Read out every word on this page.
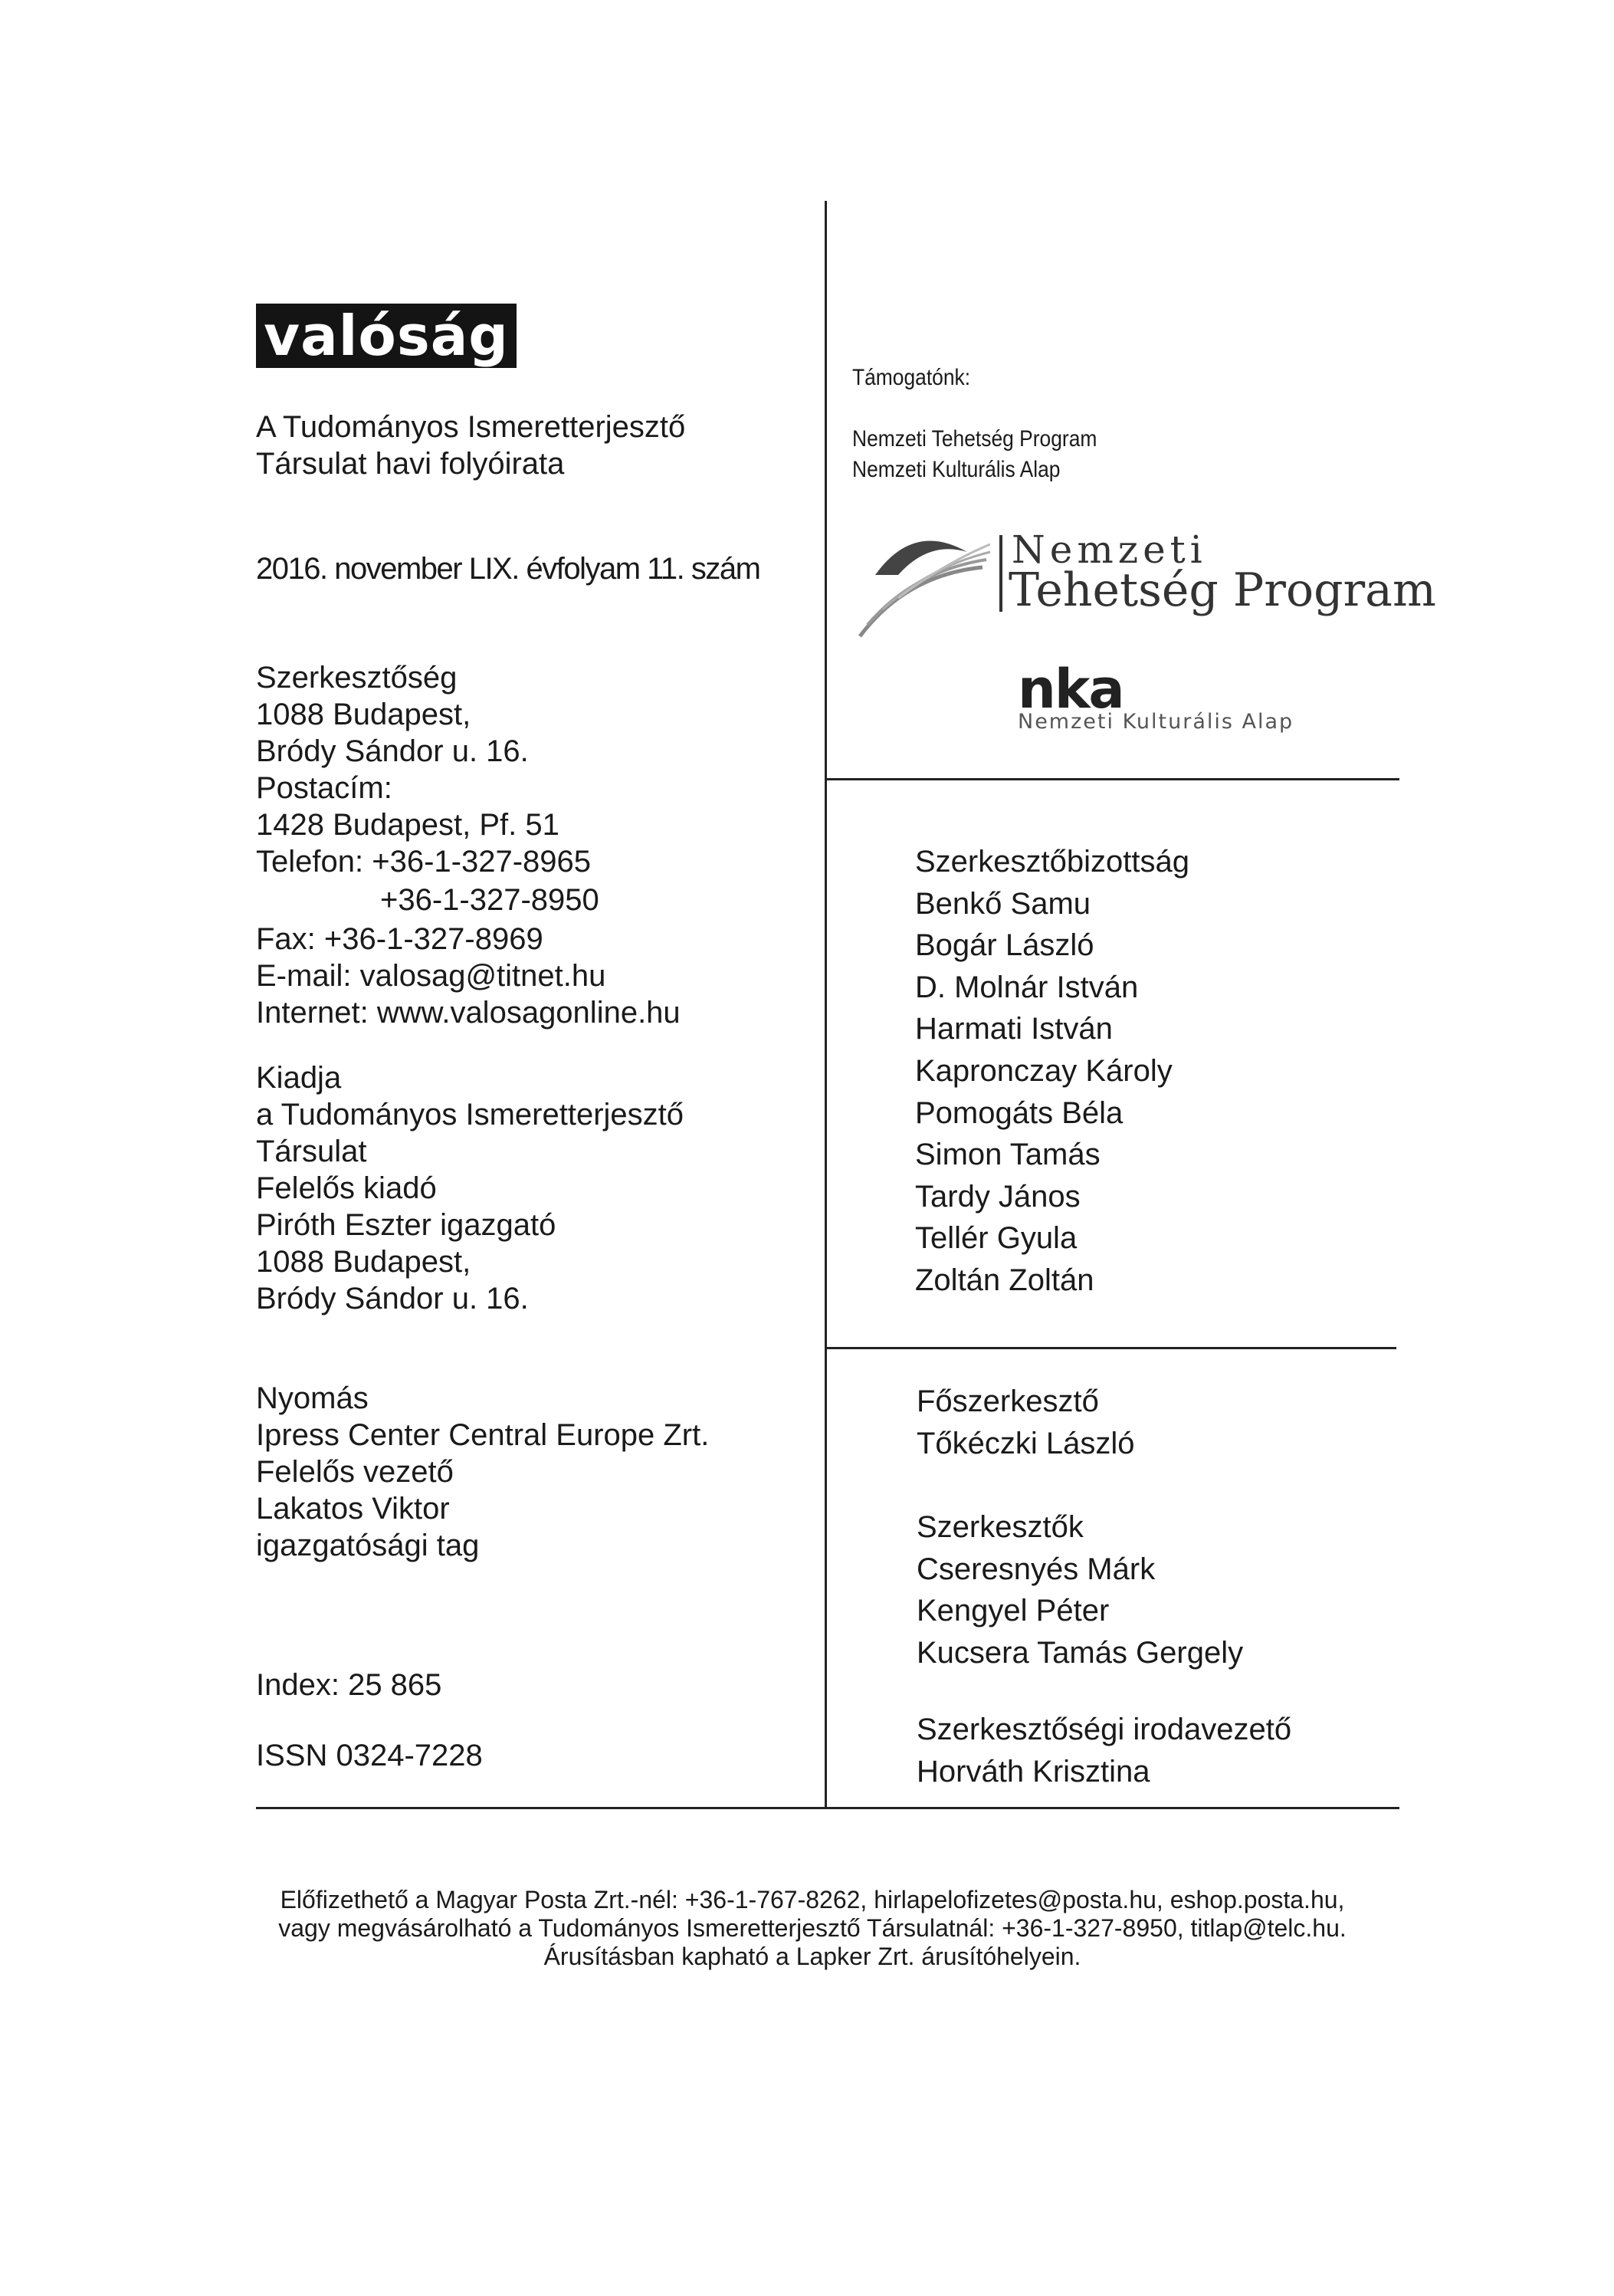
valóság
A Tudományos Ismeretterjesztő
Társulat havi folyóirata
2016. november LIX. évfolyam 11. szám
Szerkesztőség
1088 Budapest,
Bródy Sándor u. 16.
Postacím:
1428 Budapest, Pf. 51
Telefon: +36-1-327-8965
+36-1-327-8950
Fax: +36-1-327-8969
E-mail: valosag@titnet.hu
Internet: www.valosagonline.hu
Kiadja
a Tudományos Ismeretterjesztő
Társulat
Felelős kiadó
Piróth Eszter igazgató
1088 Budapest,
Bródy Sándor u. 16.
Nyomás
Ipress Center Central Europe Zrt.
Felelős vezető
Lakatos Viktor
igazgatósági tag
Index: 25 865
ISSN 0324-7228
Támogatónk:
Nemzeti Tehetség Program
Nemzeti Kulturális Alap
Nemzeti
Tehetség Program
nka
Nemzeti Kulturális Alap
Szerkesztőbizottság
Benkő Samu
Bogár László
D. Molnár István
Harmati István
Kapronczay Károly
Pomogáts Béla
Simon Tamás
Tardy János
Tellér Gyula
Zoltán Zoltán
Főszerkesztő
Tőkéczki László
Szerkesztők
Cseresnyés Márk
Kengyel Péter
Kucsera Tamás Gergely
Szerkesztőségi irodavezető
Horváth Krisztina
Előfizethető a Magyar Posta Zrt.-nél: +36-1-767-8262, hirlapelofizetes@posta.hu, eshop.posta.hu,
vagy megvásárolható a Tudományos Ismeretterjesztő Társulatnál: +36-1-327-8950, titlap@telc.hu.
Árusításban kapható a Lapker Zrt. árusítóhelyein.
